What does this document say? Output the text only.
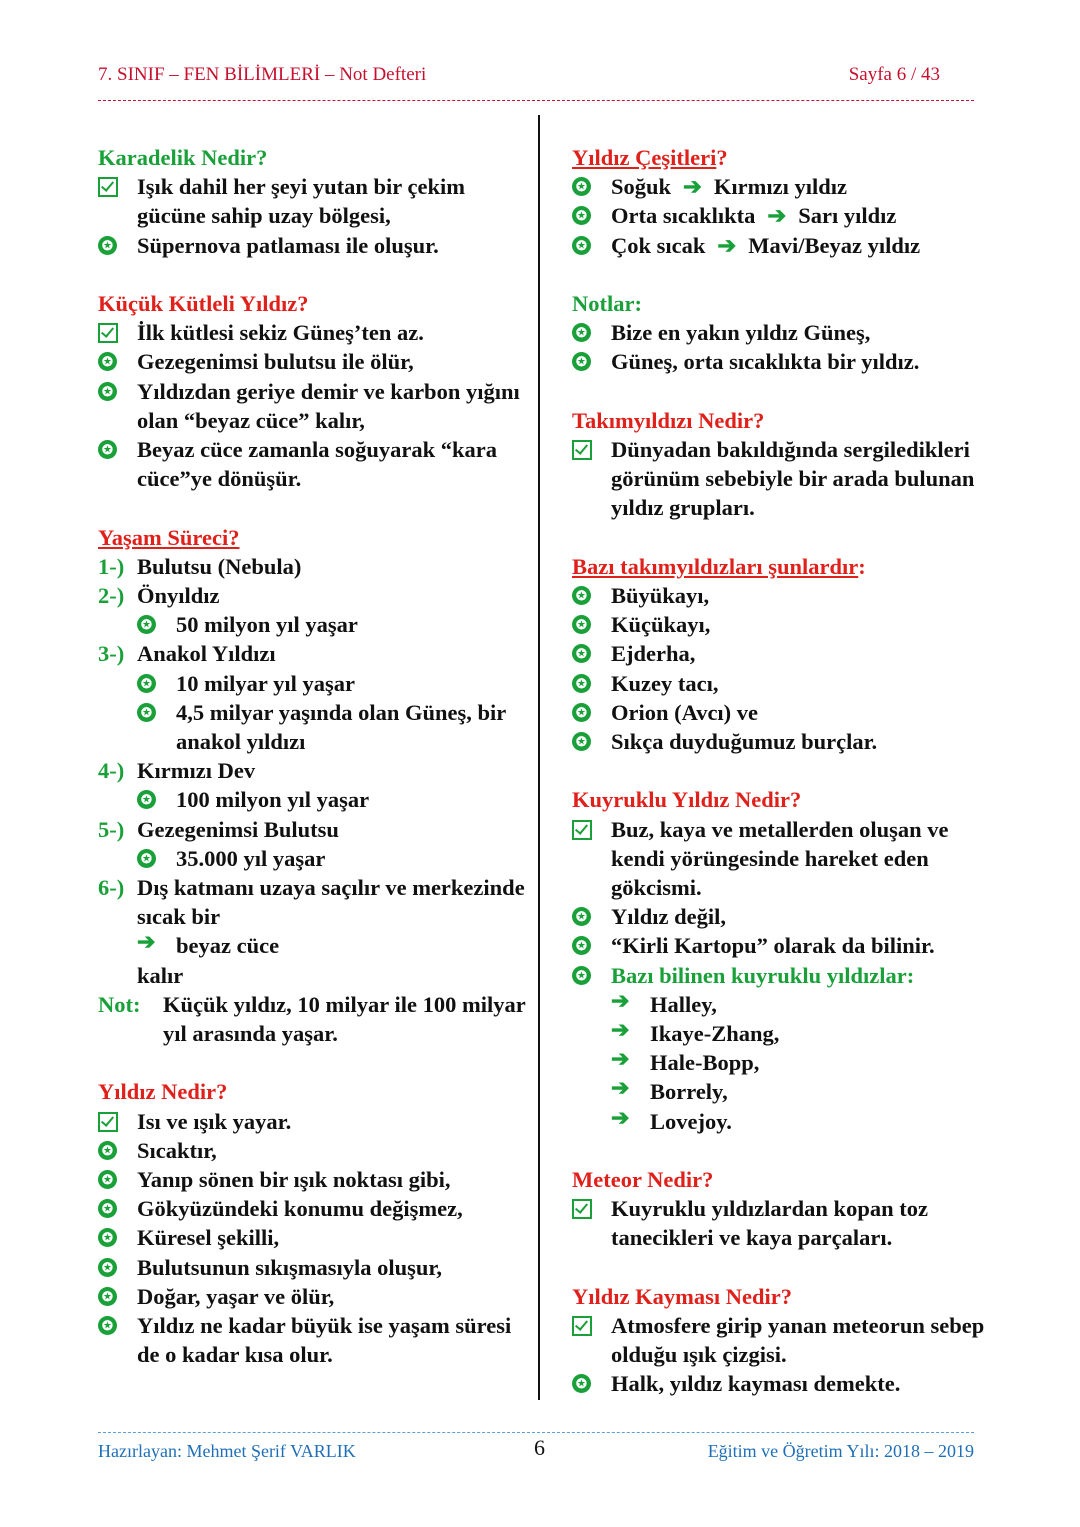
7. SINIF – FEN BİLİMLERİ – Not Defteri	Sayfa 6 / 43
Karadelik Nedir?
Işık dahil her şeyi yutan bir çekim gücüne sahip uzay bölgesi,
✪ Süpernova patlaması ile oluşur.
Küçük Kütleli Yıldız?
İlk kütlesi sekiz Güneş’ten az.
✪ Gezegenimsi bulutsu ile ölür,
✪ Yıldızdan geriye demir ve karbon yığını olan “beyaz cüce” kalır,
✪ Beyaz cüce zamanla soğuyarak “kara cüce”ye dönüşür.
Yaşam Süreci?
1-) Bulutsu (Nebula)
2-) Önyıldız
✪ 50 milyon yıl yaşar
3-) Anakol Yıldızı
✪ 10 milyar yıl yaşar
✪ 4,5 milyar yaşında olan Güneş, bir anakol yıldızı
4-) Kırmızı Dev
✪ 100 milyon yıl yaşar
5-) Gezegenimsi Bulutsu
✪ 35.000 yıl yaşar
6-) Dış katmanı uzaya saçılır ve merkezinde sıcak bir
➔ beyaz cüce
kalır
Not:	Küçük yıldız, 10 milyar ile 100 milyar yıl arasında yaşar.
Yıldız Nedir?
Isı ve ışık yayar.
✪ Sıcaktır,
✪ Yanıp sönen bir ışık noktası gibi,
✪ Gökyüzündeki konumu değişmez,
✪ Küresel şekilli,
✪ Bulutsunun sıkışmasıyla oluşur,
✪ Doğar, yaşar ve ölür,
✪ Yıldız ne kadar büyük ise yaşam süresi de o kadar kısa olur.
Yıldız Çeşitleri?
✪ Soğuk ➔ Kırmızı yıldız
✪ Orta sıcaklıkta ➔ Sarı yıldız
✪ Çok sıcak ➔ Mavi/Beyaz yıldız
Notlar:
✪ Bize en yakın yıldız Güneş,
✪ Güneş, orta sıcaklıkta bir yıldız.
Takımyıldızı Nedir?
Dünyadan bakıldığında sergiledikleri görünüm sebebiyle bir arada bulunan yıldız grupları.
Bazı takımyıldızları şunlardır:
✪ Büyükayı,
✪ Küçükayı,
✪ Ejderha,
✪ Kuzey tacı,
✪ Orion (Avcı) ve
✪ Sıkça duyduğumuz burçlar.
Kuyruklu Yıldız Nedir?
Buz, kaya ve metallerden oluşan ve kendi yörüngesinde hareket eden gökcismi.
✪ Yıldız değil,
✪ “Kirli Kartopu” olarak da bilinir.
✪ Bazı bilinen kuyruklu yıldızlar:
➔ Halley,
➔ Ikaye-Zhang,
➔ Hale-Bopp,
➔ Borrely,
➔ Lovejoy.
Meteor Nedir?
Kuyruklu yıldızlardan kopan toz tanecikleri ve kaya parçaları.
Yıldız Kayması Nedir?
Atmosfere girip yanan meteorun sebep olduğu ışık çizgisi.
✪ Halk, yıldız kayması demekte.
Hazırlayan: Mehmet Şerif VARLIK	6	Eğitim ve Öğretim Yılı: 2018 – 2019
